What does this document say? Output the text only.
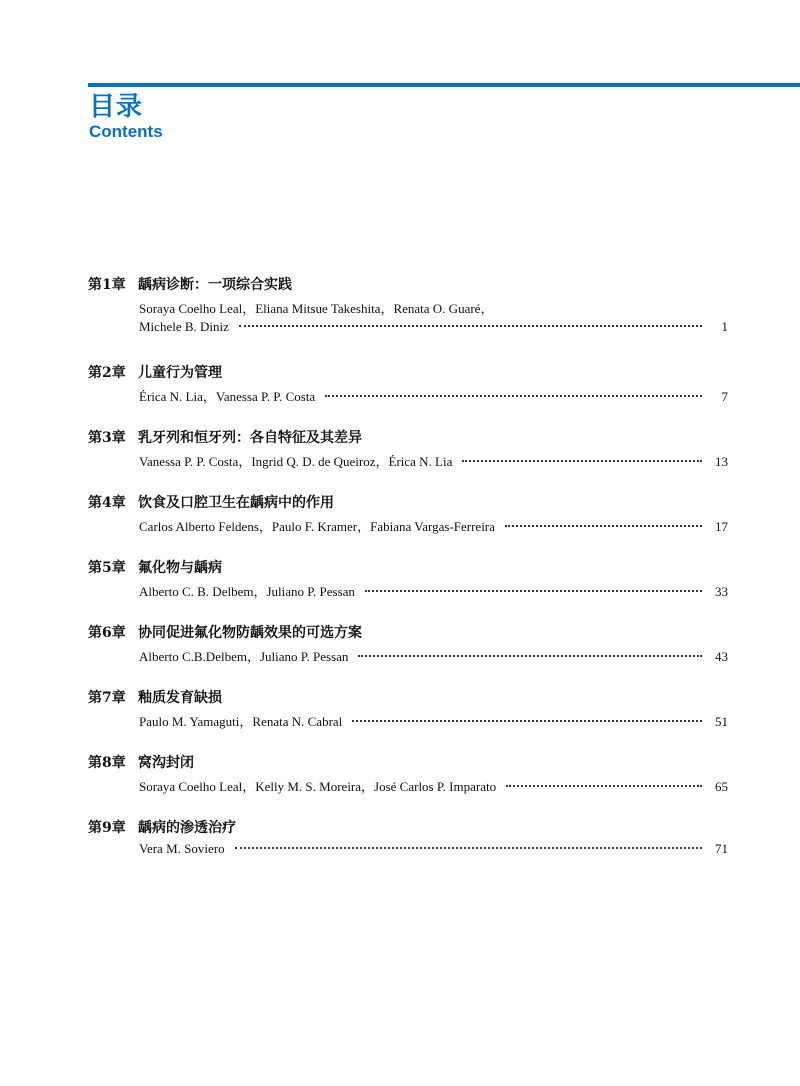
目录
Contents
第1章 龋病诊断：一项综合实践
Soraya Coelho Leal，Eliana Mitsue Takeshita，Renata O. Guaré，
Michele B. Diniz	1
第2章 儿童行为管理
Érica N. Lia，Vanessa P. P. Costa	7
第3章 乳牙列和恒牙列：各自特征及其差异
Vanessa P. P. Costa，Ingrid Q. D. de Queiroz，Érica N. Lia	13
第4章 饮食及口腔卫生在龋病中的作用
Carlos Alberto Feldens，Paulo F. Kramer，Fabiana Vargas-Ferreira	17
第5章 氟化物与龋病
Alberto C. B. Delbem，Juliano P. Pessan	33
第6章 协同促进氟化物防龋效果的可选方案
Alberto C.B.Delbem，Juliano P. Pessan	43
第7章 釉质发育缺损
Paulo M. Yamaguti，Renata N. Cabral	51
第8章 窝沟封闭
Soraya Coelho Leal，Kelly M. S. Moreira，José Carlos P. Imparato	65
第9章 龋病的渗透治疗
Vera M. Soviero	71
